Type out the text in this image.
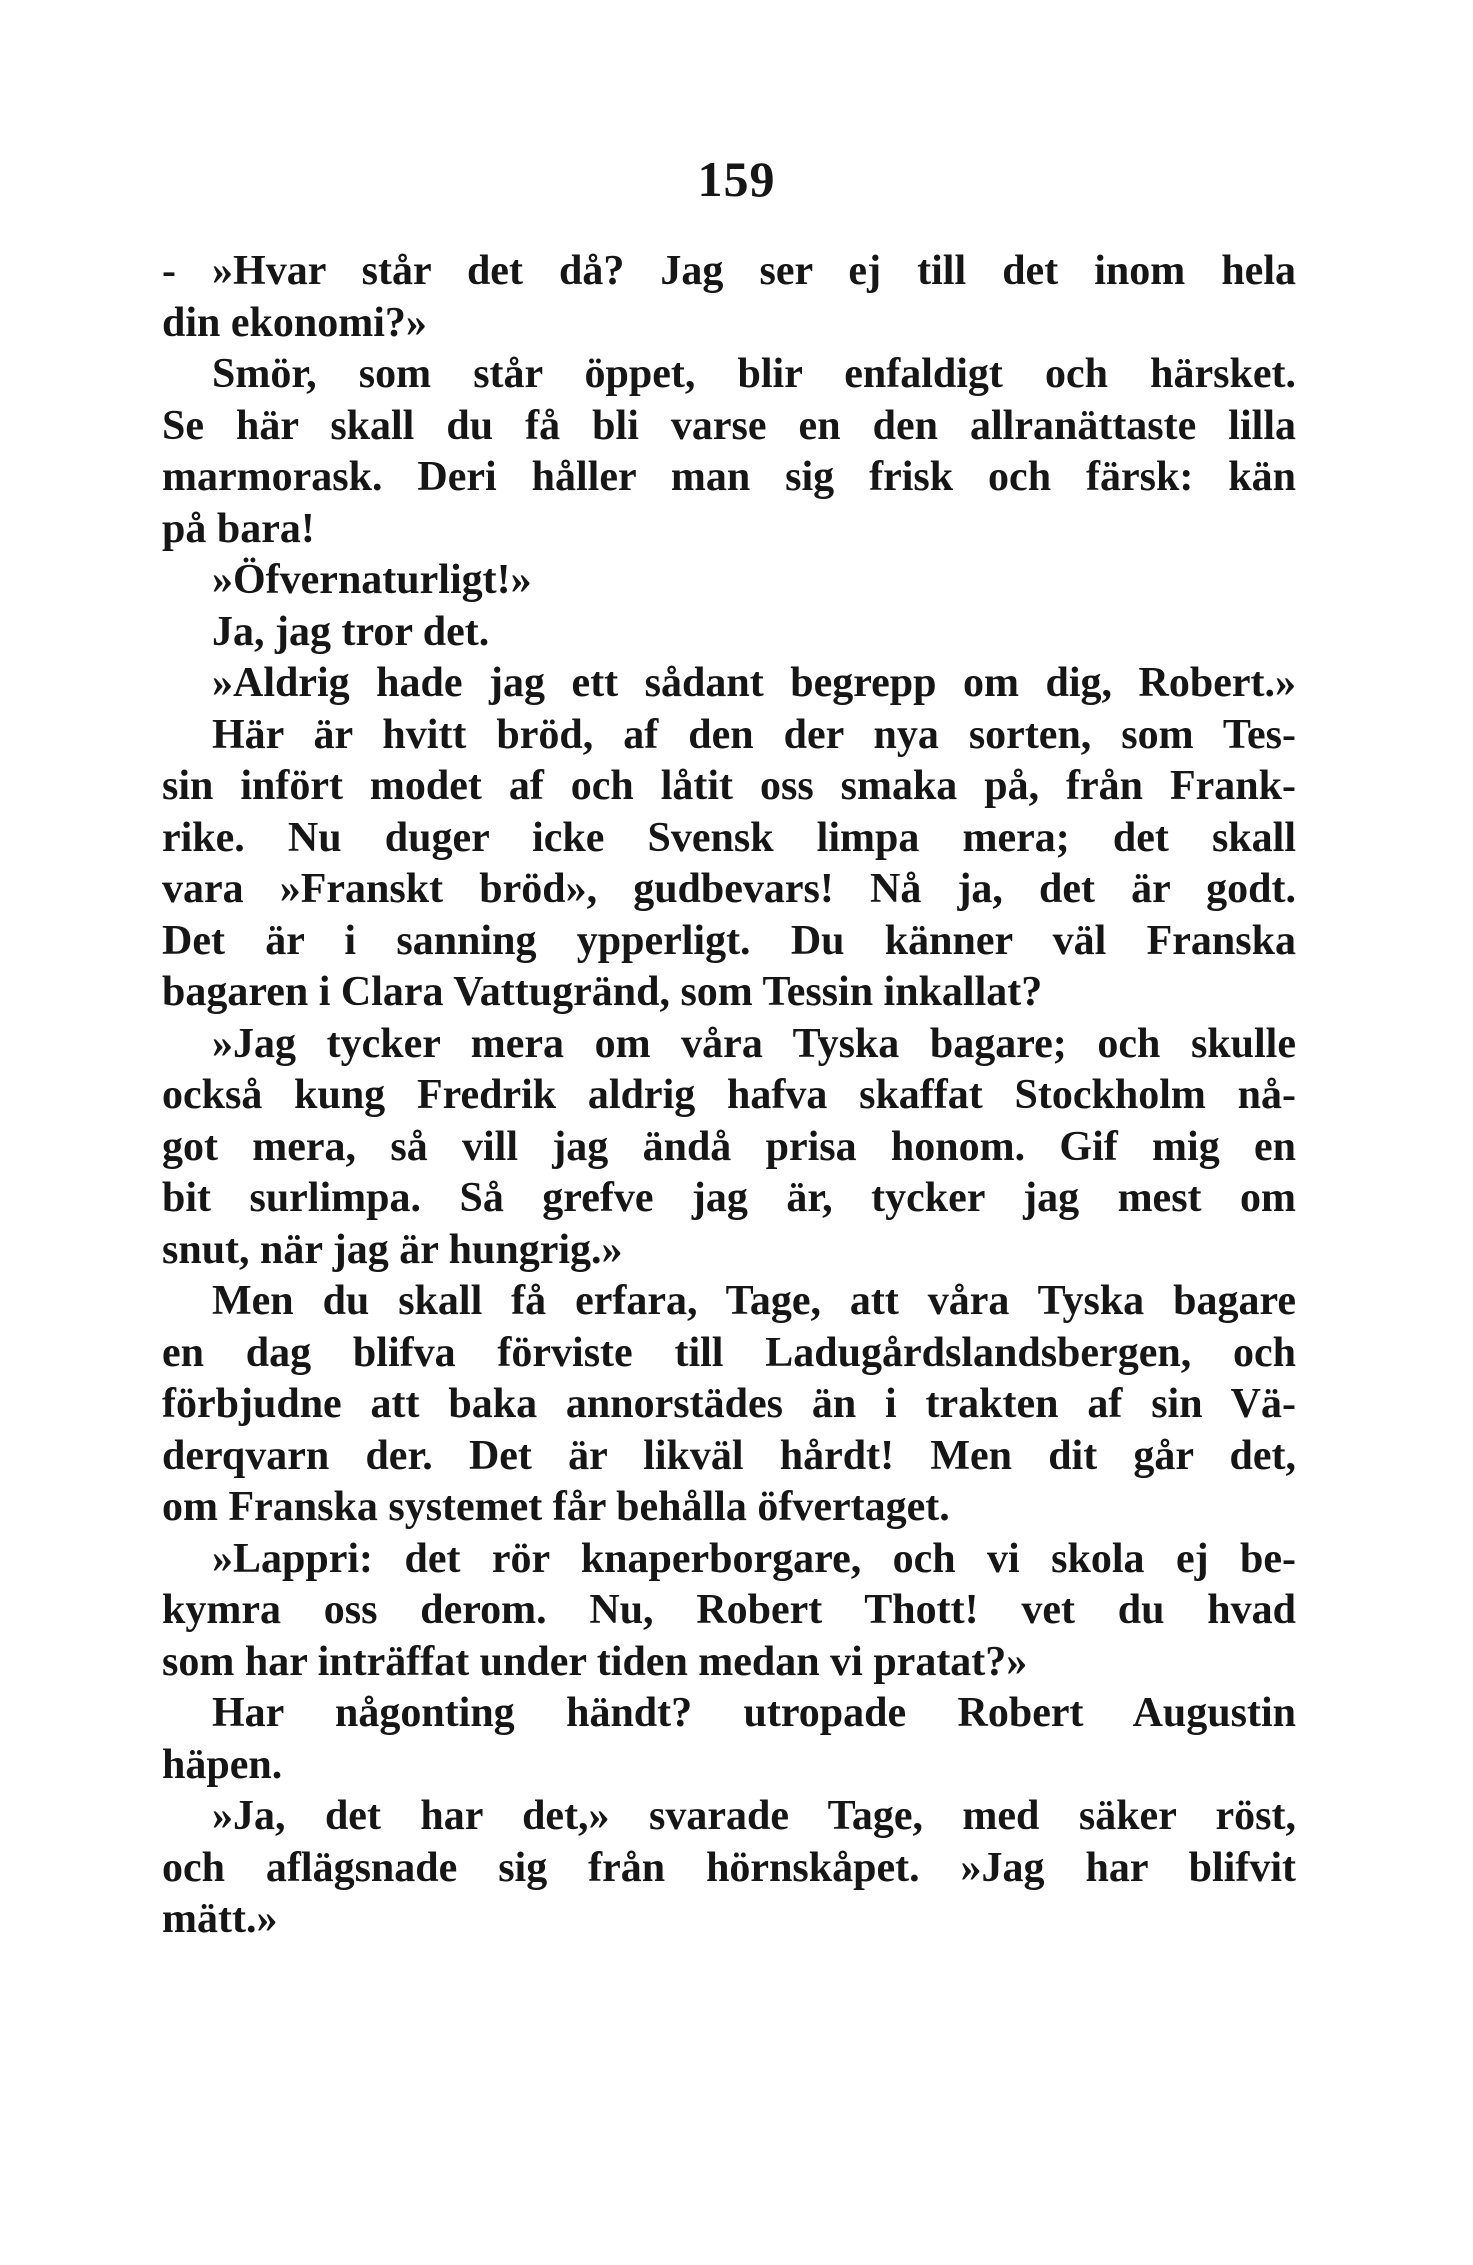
159
- »Hvar står det då? Jag ser ej till det inom hela
din ekonomi?»
Smör, som står öppet, blir enfaldigt och härsket.
Se här skall du få bli varse en den allranättaste lilla
marmorask. Deri håller man sig frisk och färsk: kän
på bara!
»Öfvernaturligt!»
Ja, jag tror det.
»Aldrig hade jag ett sådant begrepp om dig, Robert.»
Här är hvitt bröd, af den der nya sorten, som Tes-
sin infört modet af och låtit oss smaka på, från Frank-
rike. Nu duger icke Svensk limpa mera; det skall
vara »Franskt bröd», gudbevars! Nå ja, det är godt.
Det är i sanning ypperligt. Du känner väl Franska
bagaren i Clara Vattugränd, som Tessin inkallat?
»Jag tycker mera om våra Tyska bagare; och skulle
också kung Fredrik aldrig hafva skaffat Stockholm nå-
got mera, så vill jag ändå prisa honom. Gif mig en
bit surlimpa. Så grefve jag är, tycker jag mest om
snut, när jag är hungrig.»
Men du skall få erfara, Tage, att våra Tyska bagare
en dag blifva förviste till Ladugårdslandsbergen, och
förbjudne att baka annorstädes än i trakten af sin Vä-
derqvarn der. Det är likväl hårdt! Men dit går det,
om Franska systemet får behålla öfvertaget.
»Lappri: det rör knaperborgare, och vi skola ej be-
kymra oss derom. Nu, Robert Thott! vet du hvad
som har inträffat under tiden medan vi pratat?»
Har någonting händt? utropade Robert Augustin
häpen.
»Ja, det har det,» svarade Tage, med säker röst,
och aflägsnade sig från hörnskåpet. »Jag har blifvit
mätt.»
